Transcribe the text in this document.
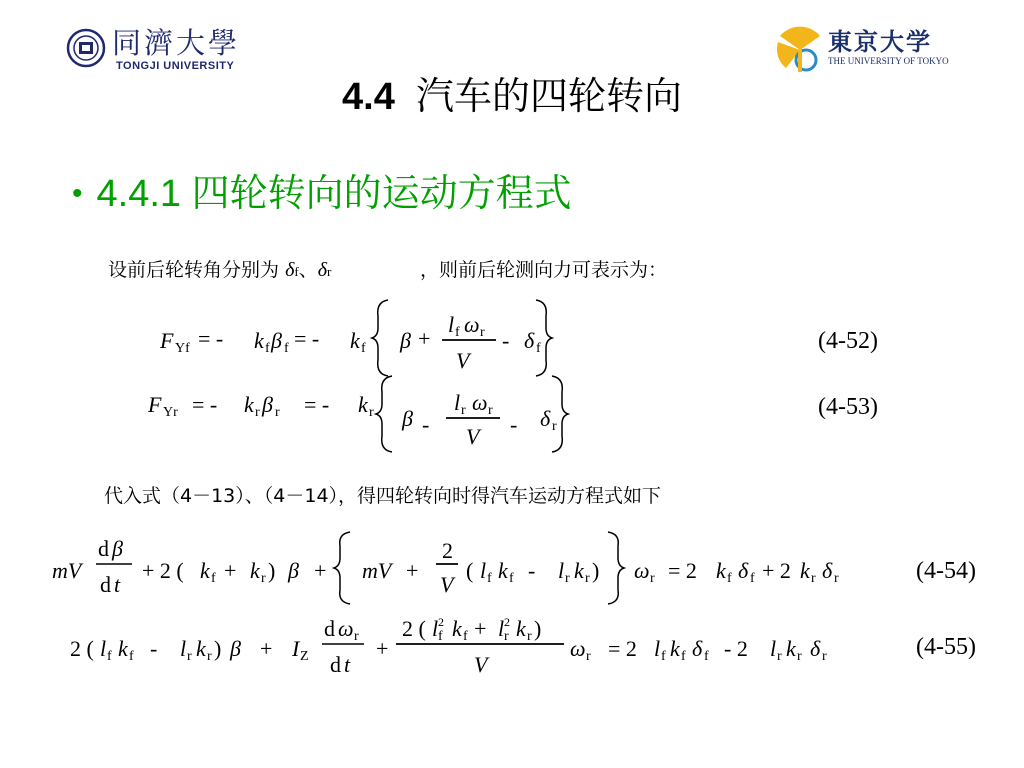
同濟大學
TONGJI UNIVERSITY
東京大学
THE UNIVERSITY OF TOKYO
4.4 汽车的四轮转向
• 4.4.1 四轮转向的运动方程式
设前后轮转角分别为 δf、δr	，则前后轮测向力可表示为：
F Yf = - k f β f = - k f β +
l f ω r
V
- δ f	(4-52)
F Yr = - k r β r = - k r β -
l r ω r
V - δ r
(4-53)
代入式（4－13）、（4－14），得四轮转向时得汽车运动方程式如下
mV
d β
d t
+ 2 ( k f + k r ) β + mV +
2
V
( l f k f - l r k r ) ω r = 2 k f δ f + 2 k r δ r	(4-54)
2 ( l f k f - l r k r ) β + I Z
d ω r
d t
+
2 ( l f
2 k f + l r
2 k r )
V
ω r = 2 l f k f δ f - 2 l r k r δ r	(4-55)
